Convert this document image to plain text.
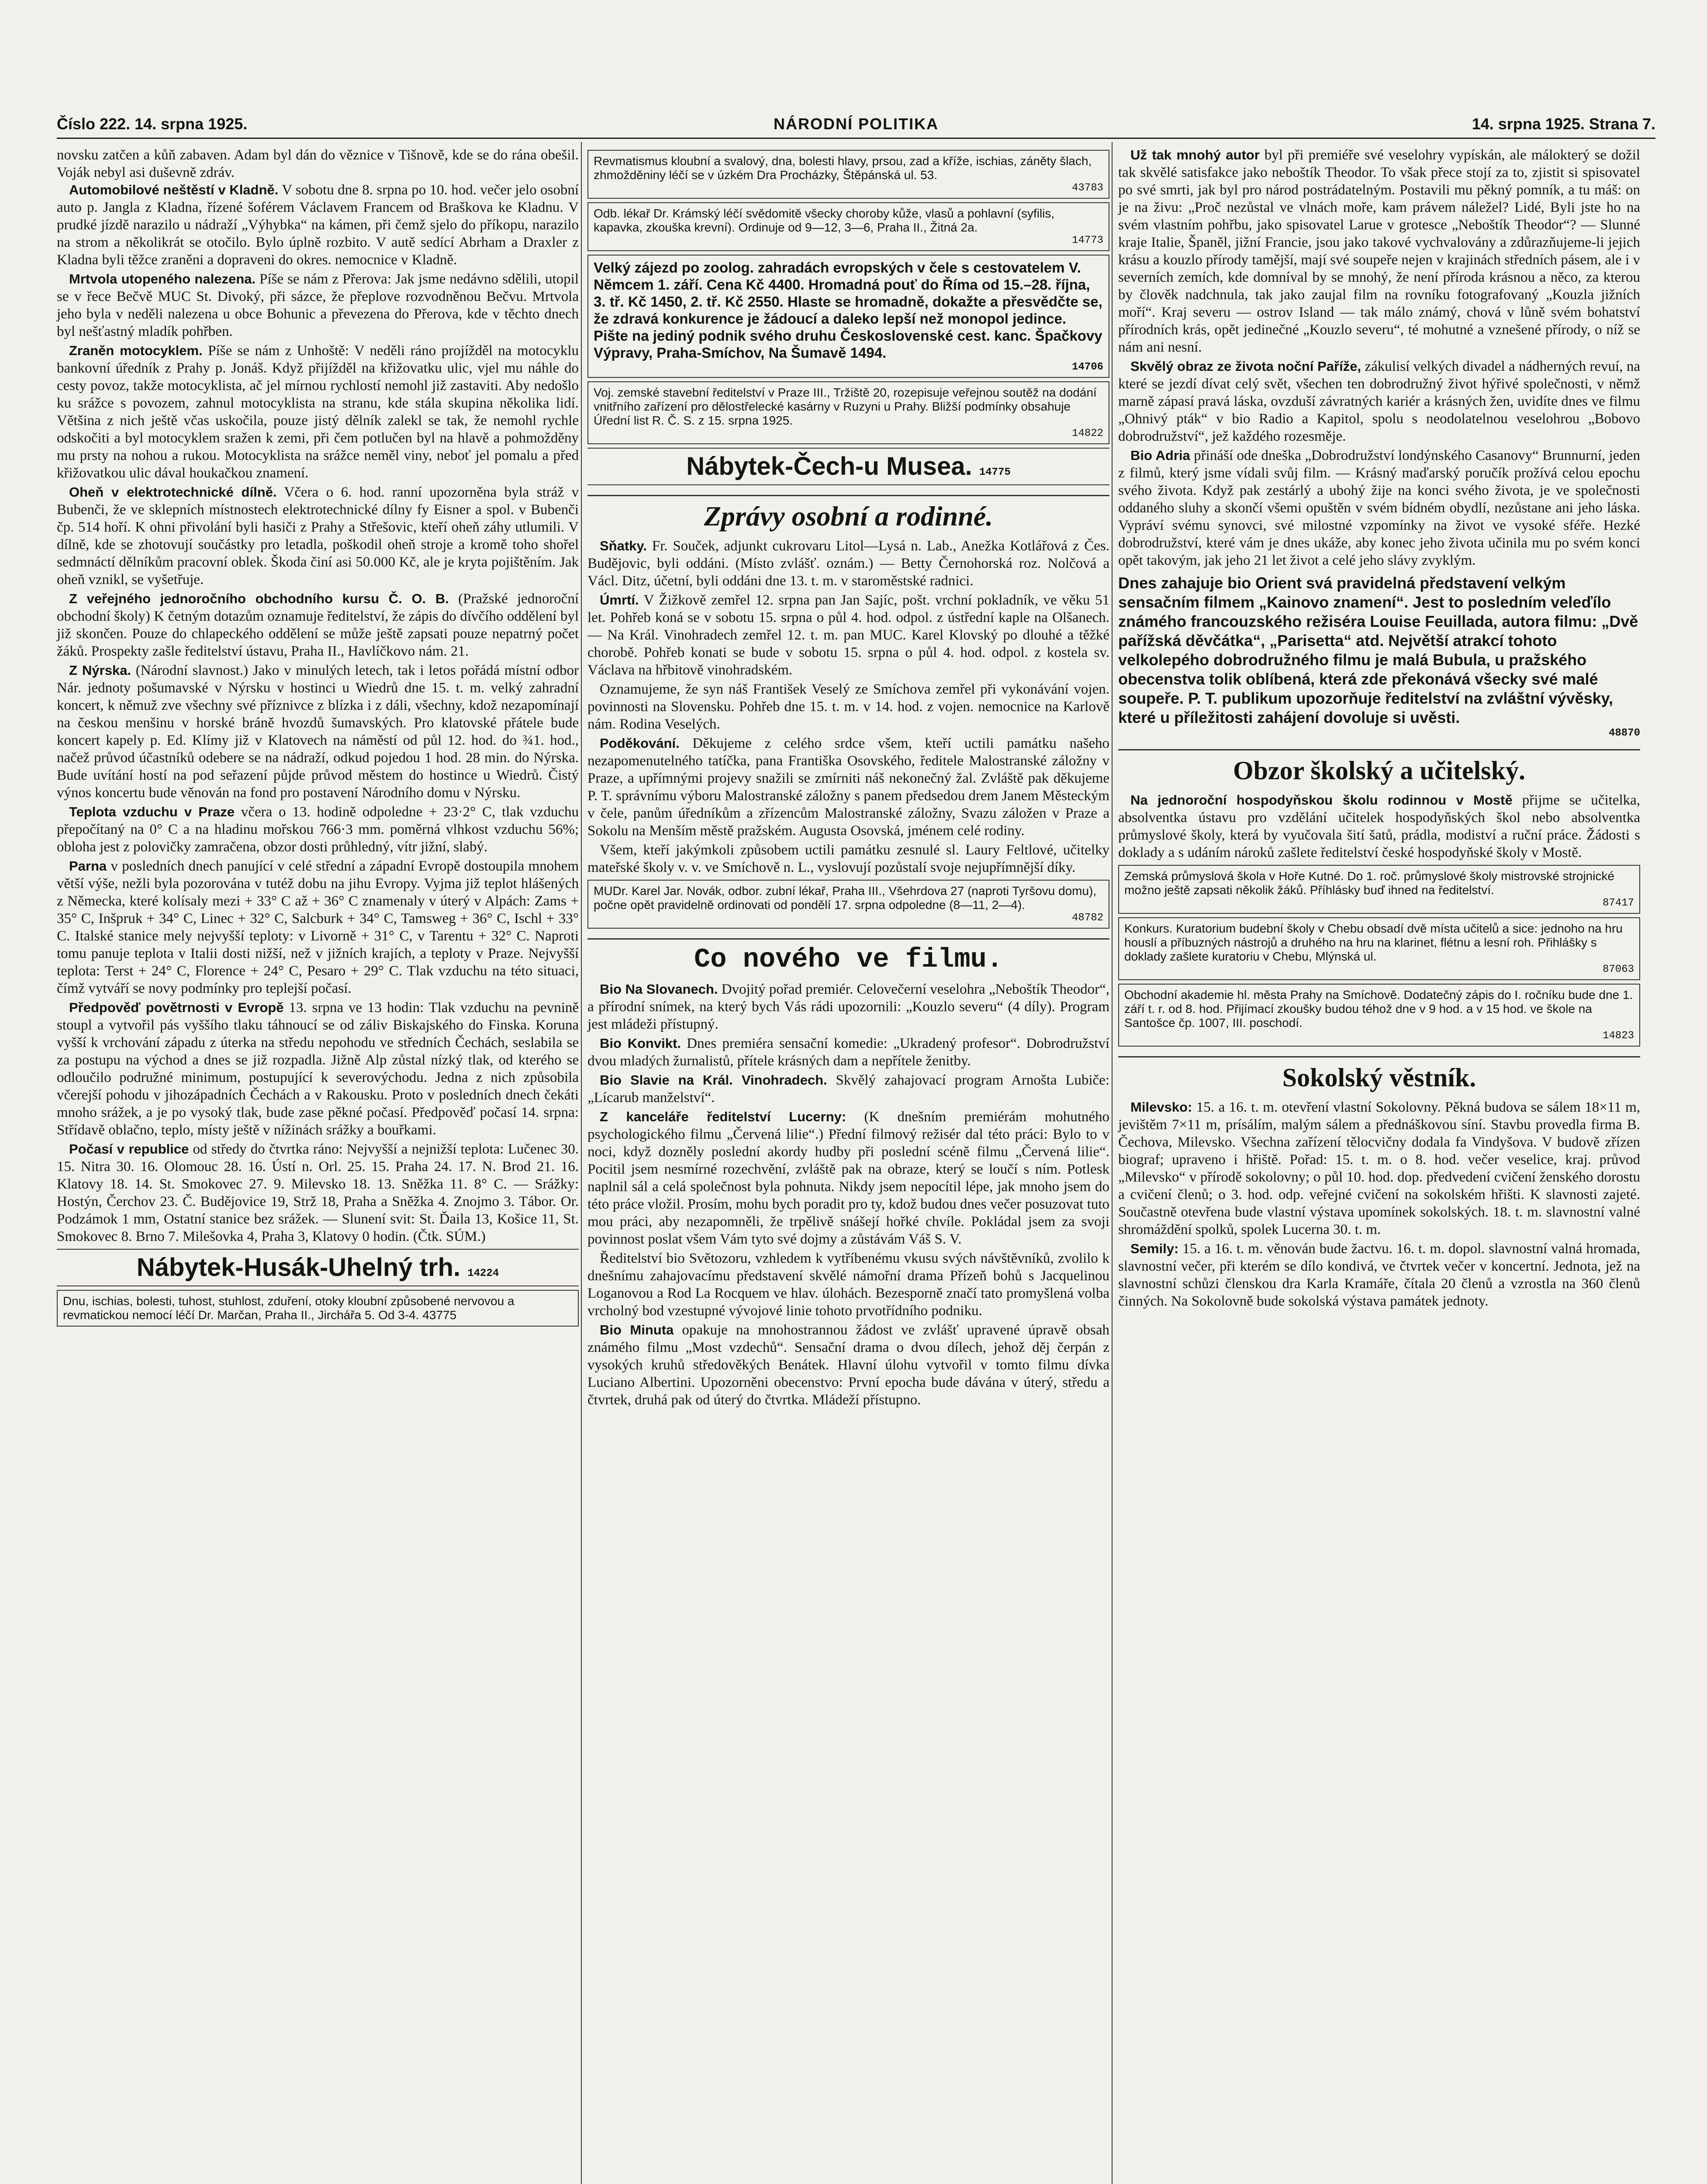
Číslo 222. 14. srpna 1925.	NÁRODNÍ POLITIKA	14. srpna 1925. Strana 7.

novsku zatčen a kůň zabaven. Adam byl dán do věznice v Tišnově, kde se do rána obešil. Voják nebyl asi duševně zdráv.

Automobilové neštěstí v Kladně. V sobotu dne 8. srpna po 10. hod. večer jelo osobní auto p. Jangla z Kladna, řízené šoférem Václavem Francem od Braškova ke Kladnu. V prudké jízdě narazilo u nádraží „Výhybka“ na kámen, při čemž sjelo do příkopu, narazilo na strom a několikrát se otočilo. Bylo úplně rozbito. V autě sedící Abrham a Draxler z Kladna byli těžce zraněni a dopraveni do okres. nemocnice v Kladně.

Mrtvola utopeného nalezena. Píše se nám z Přerova: Jak jsme nedávno sdělili, utopil se v řece Bečvě MUC St. Divoký, při sázce, že přeplove rozvodněnou Bečvu. Mrtvola jeho byla v neděli nalezena u obce Bohunic a převezena do Přerova, kde v těchto dnech byl nešťastný mladík pohřben.

Zraněn motocyklem. Píše se nám z Unhoště: V neděli ráno projížděl na motocyklu bankovní úředník z Prahy p. Jonáš. Když přijížděl na křižovatku ulic, vjel mu náhle do cesty povoz, takže motocyklista, ač jel mírnou rychlostí nemohl již zastaviti. Aby nedošlo ku srážce s povozem, zahnul motocyklista na stranu, kde stála skupina několika lidí. Většina z nich ještě včas uskočila, pouze jistý dělník zalekl se tak, že nemohl rychle odskočiti a byl motocyklem sražen k zemi, při čem potlučen byl na hlavě a pohmožděny mu prsty na nohou a rukou. Motocyklista na srážce neměl viny, neboť jel pomalu a před křižovatkou ulic dával houkačkou znamení.

Oheň v elektrotechnické dílně. Včera o 6. hod. ranní upozorněna byla stráž v Bubenči, že ve sklepních místnostech elektrotechnické dílny fy Eisner a spol. v Bubenči čp. 514 hoří. K ohni přivolání byli hasiči z Prahy a Střešovic, kteří oheň záhy utlumili. V dílně, kde se zhotovují součástky pro letadla, poškodil oheň stroje a kromě toho shořel sedmnáctí dělníkům pracovní oblek. Škoda činí asi 50.000 Kč, ale je kryta pojištěním. Jak oheň vznikl, se vyšetřuje.

Z veřejného jednoročního obchodního kursu Č. O. B. (Pražské jednoroční obchodní školy) K četným dotazům oznamuje ředitelství, že zápis do dívčího oddělení byl již skončen. Pouze do chlapeckého oddělení se může ještě zapsati pouze nepatrný počet žáků. Prospekty zašle ředitelství ústavu, Praha II., Havlíčkovo nám. 21.

Z Nýrska. (Národní slavnost.) Jako v minulých letech, tak i letos pořádá místní odbor Nár. jednoty pošumavské v Nýrsku v hostinci u Wiedrů dne 15. t. m. velký zahradní koncert, k němuž zve všechny své příznivce z blízka i z dáli, všechny, kdož nezapomínají na českou menšinu v horské bráně hvozdů šumavských. Pro klatovské přátele bude koncert kapely p. Ed. Klímy již v Klatovech na náměstí od půl 12. hod. do ¾1. hod., načež průvod účastníků odebere se na nádraží, odkud pojedou 1 hod. 28 min. do Nýrska. Bude uvítání hostí na pod seřazení půjde průvod městem do hostince u Wiedrů. Čistý výnos koncertu bude věnován na fond pro postavení Národního domu v Nýrsku.

Teplota vzduchu v Praze včera o 13. hodině odpoledne + 23·2° C, tlak vzduchu přepočítaný na 0° C a na hladinu mořskou 766·3 mm. poměrná vlhkost vzduchu 56%; obloha jest z polovičky zamračena, obzor dosti průhledný, vítr jižní, slabý.

Parna v posledních dnech panující v celé střední a západní Evropě dostoupila mnohem větší výše, nežli byla pozorována v tutéž dobu na jihu Evropy. Vyjma již teplot hlášených z Německa, které kolísaly mezi + 33° C až + 36° C znamenaly v úterý v Alpách: Zams + 35° C, Inšpruk + 34° C, Linec + 32° C, Salcburk + 34° C, Tamsweg + 36° C, Ischl + 33° C. Italské stanice mely nejvyšší teploty: v Livorně + 31° C, v Tarentu + 32° C. Naproti tomu panuje teplota v Italii dosti nižší, než v jižních krajích, a teploty v Praze. Nejvyšší teplota: Terst + 24° C, Florence + 24° C, Pesaro + 29° C. Tlak vzduchu na této situaci, čímž vytváří se novy podmínky pro teplejší počasí.

Předpověď povětrnosti v Evropě 13. srpna ve 13 hodin: Tlak vzduchu na pevnině stoupl a vytvořil pás vyššího tlaku táhnoucí se od záliv Biskajského do Finska. Koruna vyšší k vrchování západu z úterka na středu nepohodu ve středních Čechách, seslabila se za postupu na východ a dnes se již rozpadla. Jižně Alp zůstal nízký tlak, od kterého se odloučilo podružné minimum, postupující k severovýchodu. Jedna z nich způsobila včerejší pohodu v jihozápadních Čechách a v Rakousku. Proto v posledních dnech čekáti mnoho srážek, a je po vysoký tlak, bude zase pěkné počasí. Předpověď počasí 14. srpna: Střídavě oblačno, teplo, místy ještě v nížinách srážky a bouřkami.

Počasí v republice od středy do čtvrtka ráno: Nejvyšší a nejnižší teplota: Lučenec 30. 15. Nitra 30. 16. Olomouc 28. 16. Ústí n. Orl. 25. 15. Praha 24. 17. N. Brod 21. 16. Klatovy 18. 14. St. Smokovec 27. 9. Milevsko 18. 13. Sněžka 11. 8° C. — Srážky: Hostýn, Čerchov 23. Č. Budějovice 19, Strž 18, Praha a Sněžka 4. Znojmo 3. Tábor. Or. Podzámok 1 mm, Ostatní stanice bez srážek. — Slunení svit: St. Ďaila 13, Košice 11, St. Smokovec 8. Brno 7. Milešovka 4, Praha 3, Klatovy 0 hodin. (Čtk. SÚM.)

Nábytek-Husák-Uhelný trh. 14224
Dnu, ischias, bolesti, tuhost, stuhlost, zduření, otoky kloubní způsobené nervovou a revmatickou nemocí léčí Dr. Marčan, Praha II., Jirchářa 5. Od 3-4. 43775
Revmatismus kloubní a svalový, dna, bolesti hlavy, prsou, zad a kříže, ischias, záněty šlach, zhmožděniny léčí se v úzkém Dra Procházky, Štěpánská ul. 53.
43783
Odb. lékař Dr. Krámský léčí svědomitě všecky choroby kůže, vlasů a pohlavní (syfilis, kapavka, zkouška krevní). Ordinuje od 9—12, 3—6, Praha II., Žitná 2a.
14773
Velký zájezd po zoolog. zahradách evropských v čele s cestovatelem V. Němcem 1. září. Cena Kč 4400. Hromadná pouť do Říma od 15.–28. října, 3. tř. Kč 1450, 2. tř. Kč 2550. Hlaste se hromadně, dokažte a přesvědčte se, že zdravá konkurence je žádoucí a daleko lepší než monopol jedince. Pište na jediný podnik svého druhu Československé cest. kanc. Špačkovy Výpravy, Praha-Smíchov, Na Šumavě 1494.
14706
Voj. zemské stavební ředitelství v Praze III., Tržiště 20, rozepisuje veřejnou soutěž na dodání vnitřního zařízení pro dělostřelecké kasárny v Ruzyni u Prahy. Bližší podmínky obsahuje Úřední list R. Č. S. z 15. srpna 1925.
14822
Nábytek-Čech-u Musea. 14775
Zprávy osobní a rodinné.

Sňatky. Fr. Souček, adjunkt cukrovaru Litol—Lysá n. Lab., Anežka Kotlářová z Čes. Budějovic, byli oddáni. (Místo zvlášť. oznám.) — Betty Černohorská roz. Nolčová a Václ. Ditz, účetní, byli oddáni dne 13. t. m. v staroměstské radnici.

Úmrtí. V Žižkově zemřel 12. srpna pan Jan Sajíc, pošt. vrchní pokladník, ve věku 51 let. Pohřeb koná se v sobotu 15. srpna o půl 4. hod. odpol. z ústřední kaple na Olšanech. — Na Král. Vinohradech zemřel 12. t. m. pan MUC. Karel Klovský po dlouhé a těžké chorobě. Pohřeb konati se bude v sobotu 15. srpna o půl 4. hod. odpol. z kostela sv. Václava na hřbitově vinohradském.

Oznamujeme, že syn náš František Veselý ze Smíchova zemřel při vykonávání vojen. povinnosti na Slovensku. Pohřeb dne 15. t. m. v 14. hod. z vojen. nemocnice na Karlově nám. Rodina Veselých.

Poděkování. Děkujeme z celého srdce všem, kteří uctili památku našeho nezapomenutelného tatíčka, pana Františka Osovského, ředitele Malostranské záložny v Praze, a upřímnými projevy snažili se zmírniti náš nekonečný žal. Zvláště pak děkujeme P. T. správnímu výboru Malostranské záložny s panem předsedou drem Janem Městeckým v čele, panům úředníkům a zřízencům Malostranské záložny, Svazu záložen v Praze a Sokolu na Menším městě pražském. Augusta Osovská, jménem celé rodiny.

Všem, kteří jakýmkoli způsobem uctili památku zesnulé sl. Laury Feltlové, učitelky mateřské školy v. v. ve Smíchově n. L., vyslovují pozůstalí svoje nejupřímnější díky.

MUDr. Karel Jar. Novák, odbor. zubní lékař, Praha III., Všehrdova 27 (naproti Tyršovu domu), počne opět pravidelně ordinovati od pondělí 17. srpna odpoledne (8—11, 2—4).
48782
Co nového ve filmu.

Bio Na Slovanech. Dvojitý pořad premiér. Celovečerní veselohra „Neboštík Theodor“, a přírodní snímek, na který bych Vás rádi upozornili: „Kouzlo severu“ (4 díly). Program jest mládeži přístupný.

Bio Konvikt. Dnes premiéra sensační komedie: „Ukradený profesor“. Dobrodružství dvou mladých žurnalistů, přítele krásných dam a nepřítele ženitby.

Bio Slavie na Král. Vinohradech. Skvělý zahajovací program Arnošta Lubiče: „Lícarub manželství“.

Z kanceláře ředitelství Lucerny: (K dnešním premiérám mohutného psychologického filmu „Červená lilie“.) Přední filmový režisér dal této práci: Bylo to v noci, když dozněly poslední akordy hudby při poslední scéně filmu „Červená lilie“. Pocitil jsem nesmírné rozechvění, zvláště pak na obraze, který se loučí s ním. Potlesk naplnil sál a celá společnost byla pohnuta. Nikdy jsem nepocítil lépe, jak mnoho jsem do této práce vložil. Prosím, mohu bych poradit pro ty, kdož budou dnes večer posuzovat tuto mou práci, aby nezapomněli, že trpělivě snášejí hořké chvíle. Pokládal jsem za svoji povinnost poslat všem Vám tyto své dojmy a zůstávám Váš S. V.

Ředitelství bio Světozoru, vzhledem k vytříbenému vkusu svých návštěvníků, zvolilo k dnešnímu zahajovacímu představení skvělé námořní drama Přízeň bohů s Jacquelinou Loganovou a Rod La Rocquem ve hlav. úlohách. Bezesporně značí tato promyšlená volba vrcholný bod vzestupné vývojové linie tohoto prvotřídního podniku.

Bio Minuta opakuje na mnohostrannou žádost ve zvlášť upravené úpravě obsah známého filmu „Most vzdechů“. Sensační drama o dvou dílech, jehož děj čerpán z vysokých kruhů středověkých Benátek. Hlavní úlohu vytvořil v tomto filmu dívka Luciano Albertini. Upozorněni obecenstvo: První epocha bude dávána v úterý, středu a čtvrtek, druhá pak od úterý do čtvrtka. Mládeží přístupno.

Už tak mnohý autor byl při premiéře své veselohry vypískán, ale málokterý se dožil tak skvělé satisfakce jako neboštík Theodor. To však přece stojí za to, zjistit si spisovatel po své smrti, jak byl pro národ postrádatelným. Postavili mu pěkný pomník, a tu máš: on je na živu: „Proč nezůstal ve vlnách moře, kam právem náležel? Lidé, Byli jste ho na svém vlastním pohřbu, jako spisovatel Larue v grotesce „Neboštík Theodor“? — Slunné kraje Italie, Španěl, jižní Francie, jsou jako takové vychvalovány a zdůrazňujeme-li jejich krásu a kouzlo přírody tamější, mají své soupeře nejen v krajinách středních pásem, ale i v severních zemích, kde domníval by se mnohý, že není příroda krásnou a něco, za kterou by člověk nadchnula, tak jako zaujal film na rovníku fotografovaný „Kouzla jižních moří“. Kraj severu — ostrov Island — tak málo známý, chová v lůně svém bohatství přírodních krás, opět jedinečné „Kouzlo severu“, té mohutné a vznešené přírody, o níž se nám ani nesní.

Skvělý obraz ze života noční Paříže, zákulisí velkých divadel a nádherných revuí, na které se jezdí dívat celý svět, všechen ten dobrodružný život hýřivé společnosti, v němž marně zápasí pravá láska, ovzduší závratných kariér a krásných žen, uvidíte dnes ve filmu „Ohnivý pták“ v bio Radio a Kapitol, spolu s neodolatelnou veselohrou „Bobovo dobrodružství“, jež každého rozesměje.

Bio Adria přináší ode dneška „Dobrodružství londýnského Casanovy“ Brunnurní, jeden z filmů, který jsme vídali svůj film. — Krásný maďarský poručík prožívá celou epochu svého života. Když pak zestárlý a ubohý žije na konci svého života, je ve společnosti oddaného sluhy a skončí všemi opuštěn v svém bídném obydlí, nezůstane ani jeho láska. Vypráví svému synovci, své milostné vzpomínky na život ve vysoké sféře. Hezké dobrodružství, které vám je dnes ukáže, aby konec jeho života učinila mu po svém konci opět takovým, jak jeho 21 let život a celé jeho slávy zvyklým.

Dnes zahajuje bio Orient svá pravidelná představení velkým sensačním filmem „Kainovo znamení“. Jest to posledním veleďílo známého francouzského režiséra Louise Feuillada, autora filmu: „Dvě pařížská děvčátka“, „Parisetta“ atd. Největší atrakcí tohoto velkolepého dobrodružného filmu je malá Bubula, u pražského obecenstva tolik oblíbená, která zde překonává všecky své malé soupeře. P. T. publikum upozorňuje ředitelství na zvláštní vývěsky, které u příležitosti zahájení dovoluje si uvěsti.
48870
Obzor školský a učitelský.

Na jednoroční hospodyňskou školu rodinnou v Mostě přijme se učitelka, absolventka ústavu pro vzdělání učitelek hospodyňských škol nebo absolventka průmyslové školy, která by vyučovala šití šatů, prádla, modiství a ruční práce. Žádosti s doklady a s udáním nároků zašlete ředitelství české hospodyňské školy v Mostě.

Zemská průmyslová škola v Hoře Kutné. Do 1. roč. průmyslové školy mistrovské strojnické možno ještě zapsati několik žáků. Příhlásky buď ihned na ředitelství.
87417
Konkurs. Kuratorium budební školy v Chebu obsadí dvě místa učitelů a sice: jednoho na hru houslí a příbuzných nástrojů a druhého na hru na klarinet, flétnu a lesní roh. Přihlášky s doklady zašlete kuratoriu v Chebu, Mlýnská ul.
87063
Obchodní akademie hl. města Prahy na Smíchově. Dodatečný zápis do I. ročníku bude dne 1. září t. r. od 8. hod. Přijímací zkoušky budou téhož dne v 9 hod. a v 15 hod. ve škole na Santošce čp. 1007, III. poschodí.
14823
Sokolský věstník.

Milevsko: 15. a 16. t. m. otevření vlastní Sokolovny. Pěkná budova se sálem 18×11 m, jevištěm 7×11 m, prísálím, malým sálem a přednáškovou síní. Stavbu provedla firma B. Čechova, Milevsko. Všechna zařízení tělocvičny dodala fa Vindyšova. V budově zřízen biograf; upraveno i hřiště. Pořad: 15. t. m. o 8. hod. večer veselice, kraj. průvod „Milevsko“ v přírodě sokolovny; o půl 10. hod. dop. předvedení cvičení ženského dorostu a cvičení členů; o 3. hod. odp. veřejné cvičení na sokolském hřišti. K slavnosti zajeté. Součastně otevřena bude vlastní výstava upomínek sokolských. 18. t. m. slavnostní valné shromáždění spolků, spolek Lucerna 30. t. m.

Semily: 15. a 16. t. m. věnován bude žactvu. 16. t. m. dopol. slavnostní valná hromada, slavnostní večer, při kterém se dílo kondivá, ve čtvrtek večer v koncertní. Jednota, jež na slavnostní schůzi členskou dra Karla Kramáře, čítala 20 členů a vzrostla na 360 členů činných. Na Sokolovně bude sokolská výstava památek jednoty.
